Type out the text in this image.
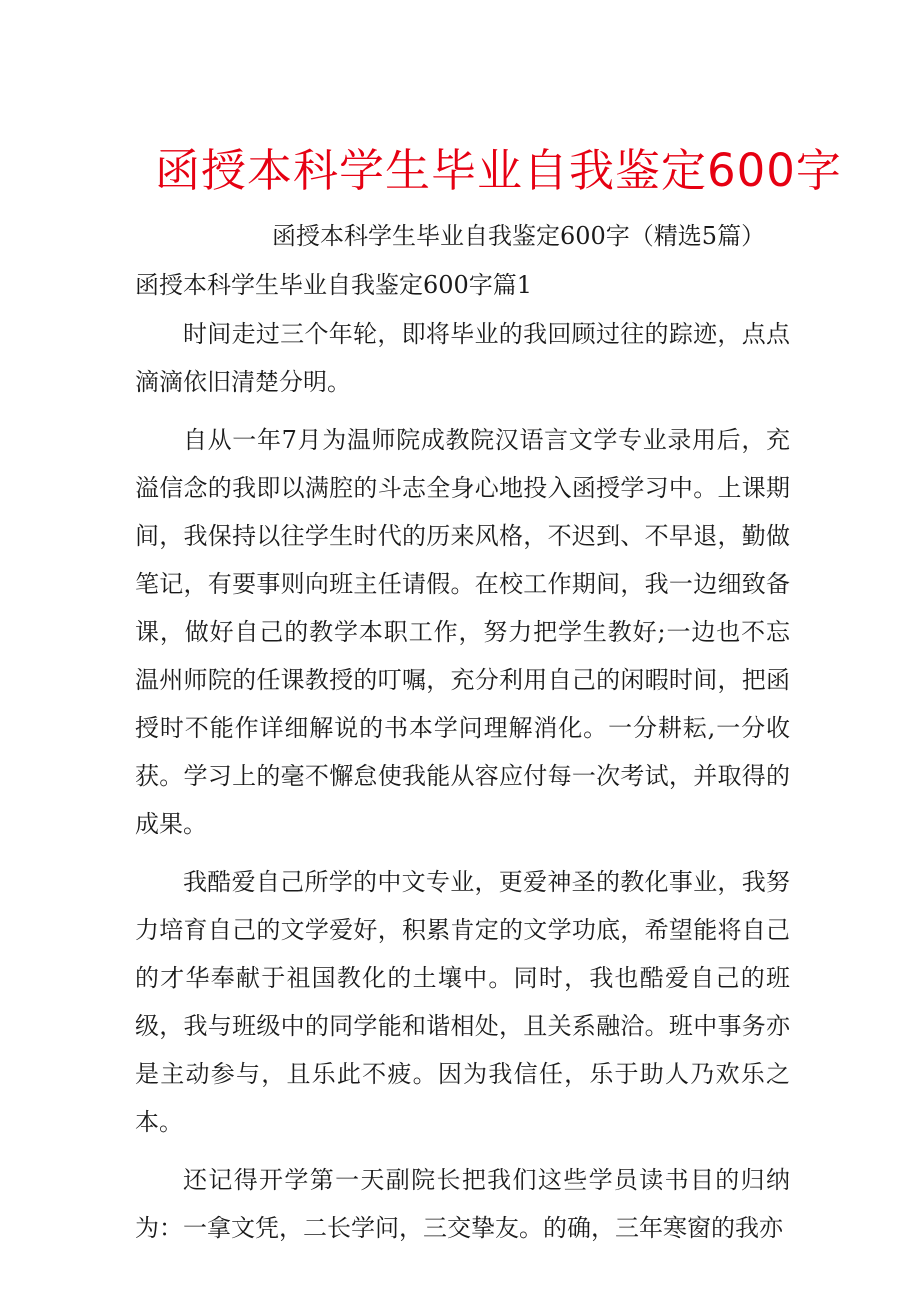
函授本科学生毕业自我鉴定600字
函授本科学生毕业自我鉴定600字（精选5篇）
函授本科学生毕业自我鉴定600字篇1

时间走过三个年轮，即将毕业的我回顾过往的踪迹，点点滴滴依旧清楚分明。

自从一年7月为温师院成教院汉语言文学专业录用后，充溢信念的我即以满腔的斗志全身心地投入函授学习中。上课期间，我保持以往学生时代的历来风格，不迟到、不早退，勤做笔记，有要事则向班主任请假。在校工作期间，我一边细致备课，做好自己的教学本职工作，努力把学生教好;一边也不忘温州师院的任课教授的叮嘱，充分利用自己的闲暇时间，把函授时不能作详细解说的书本学问理解消化。一分耕耘,一分收获。学习上的毫不懈怠使我能从容应付每一次考试，并取得的成果。

我酷爱自己所学的中文专业，更爱神圣的教化事业，我努力培育自己的文学爱好，积累肯定的文学功底，希望能将自己的才华奉献于祖国教化的土壤中。同时，我也酷爱自己的班级，我与班级中的同学能和谐相处，且关系融洽。班中事务亦是主动参与，且乐此不疲。因为我信任，乐于助人乃欢乐之本。

还记得开学第一天副院长把我们这些学员读书目的归纳为：一拿文凭，二长学问，三交挚友。的确，三年寒窗的我亦
